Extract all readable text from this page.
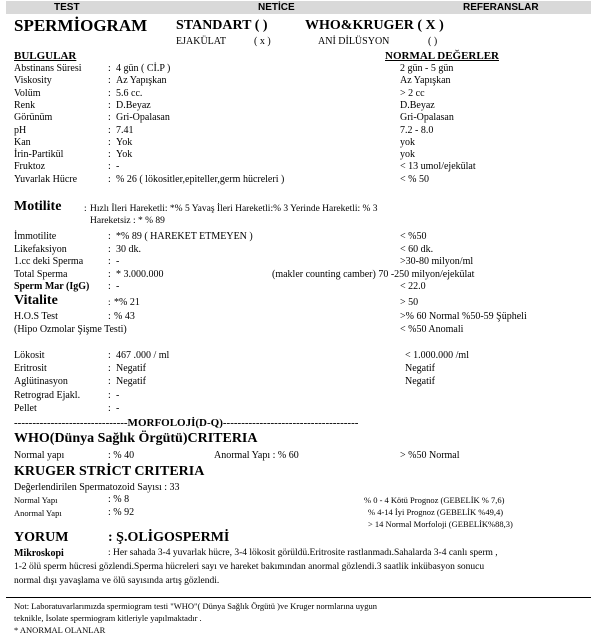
TEST	NETİCE	REFERANSLAR
SPERMİOGRAM STANDART ( )	WHO&KRUGER ( X )
EJAKÜLAT	( x )	ANİ DİLÜSYON	( )
BULGULAR	NORMAL DEĞERLER
Abstinans Süresi	: 4 gün ( Cİ.P )	2 gün - 5 gün
Viskosity	: Az Yapışkan	Az Yapışkan
Volüm	: 5.6 cc.	> 2 cc
Renk	: D.Beyaz	D.Beyaz
Görünüm	: Gri-Opalasan	Gri-Opalasan
pH	: 7.41	7.2 - 8.0
Kan	: Yok	yok
İrin-Partikül	: Yok	yok
Fruktoz	: -	< 13 umol/ejekülat
Yuvarlak Hücre	: % 26 ( lökositler,epiteller,germ hücreleri )	< % 50
Motilite : Hızlı İleri Hareketli: *% 5 Yavaş İleri Hareketli:% 3 Yerinde Hareketli: % 3
Hareketsiz : * % 89
İmmotilite	: *% 89 ( HAREKET ETMEYEN )	< %50
Likefaksiyon	: 30 dk.	< 60 dk.
1.cc deki Sperma : -	>30-80 milyon/ml
Total Sperma	: * 3.000.000	(makler counting camber) 70 -250 milyon/ejekülat
Sperm Mar (IgG) : -	< 22.0
Vitalite	: *% 21	> 50
H.O.S Test	: % 43	>% 60 Normal %50-59 Şüpheli
(Hipo Ozmolar Şişme Testi)	< %50 Anomali
Lökosit	: 467 .000 / ml	< 1.000.000 /ml
Eritrosit	: Negatif	Negatif
Aglütinasyon	: Negatif	Negatif
Retrograd Ejakl.	: -
Pellet	: -
-------------------------------MORFOLOJİ(D-Q)-------------------------------------
WHO(Dünya Sağlık Örgütü)CRITERIA
Normal yapı	: % 40	Anormal Yapı : % 60	> %50 Normal
KRUGER STRİCT CRITERIA
Değerlendirilen Spermatozoid Sayısı : 33
Normal Yapı	: % 8
Anormal Yapı	: % 92
% 0 - 4 Kötü Prognoz (GEBELİK % 7,6)
% 4-14 İyi Prognoz (GEBELİK %49,4)
> 14 Normal Morfoloji (GEBELİK%88,3)
YORUM	: Ş.OLİGOSPERMİ
Mikroskopi	: Her sahada 3-4 yuvarlak hücre, 3-4 lökosit görüldü.Eritrosite rastlanmadı.Sahalarda 3-4 canlı sperm ,
1-2 ölü sperm hücresi gözlendi.Sperma hücreleri sayı ve hareket bakımından anormal gözlendi.3 saatlik inkübasyon sonucu
normal dışı yavaşlama ve ölü sayısında artış gözlendi.
Not: Laboratuvarlarımızda spermiogram testi "WHO"( Dünya Sağlık Örgütü )ve Kruger normlarına uygun
teknikle, İsolate spermiogram kitleriyle yapılmaktadır .
* ANORMAL OLANLAR
